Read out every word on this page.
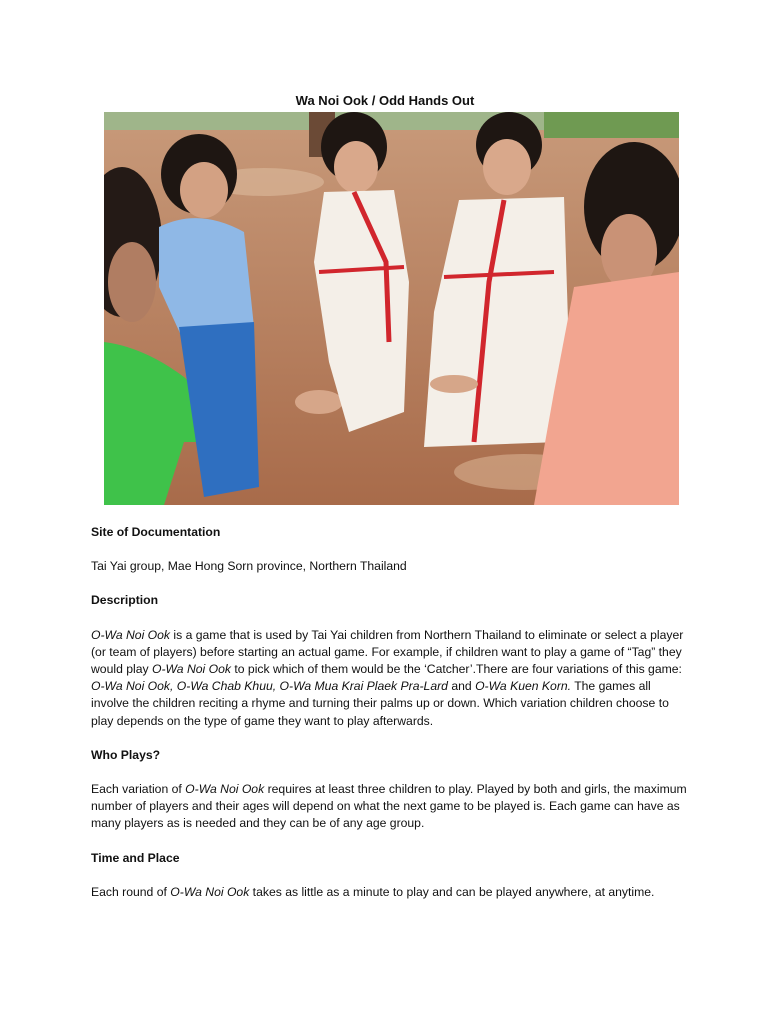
Wa Noi Ook / Odd Hands Out
Site of Documentation

Tai Yai group, Mae Hong Sorn province, Northern Thailand

Description

O-Wa Noi Ook is a game that is used by Tai Yai children from Northern Thailand to eliminate or select a player (or team of players) before starting an actual game. For example, if children want to play a game of “Tag” they would play O-Wa Noi Ook to pick which of them would be the ‘Catcher’.There are four variations of this game: O-Wa Noi Ook, O-Wa Chab Khuu, O-Wa Mua Krai Plaek Pra-Lard and O-Wa Kuen Korn. The games all involve the children reciting a rhyme and turning their palms up or down. Which variation children choose to play depends on the type of game they want to play afterwards.

Who Plays?

Each variation of O-Wa Noi Ook requires at least three children to play. Played by both and girls, the maximum number of players and their ages will depend on what the next game to be played is. Each game can have as many players as is needed and they can be of any age group.

Time and Place

Each round of O-Wa Noi Ook takes as little as a minute to play and can be played anywhere, at anytime.
